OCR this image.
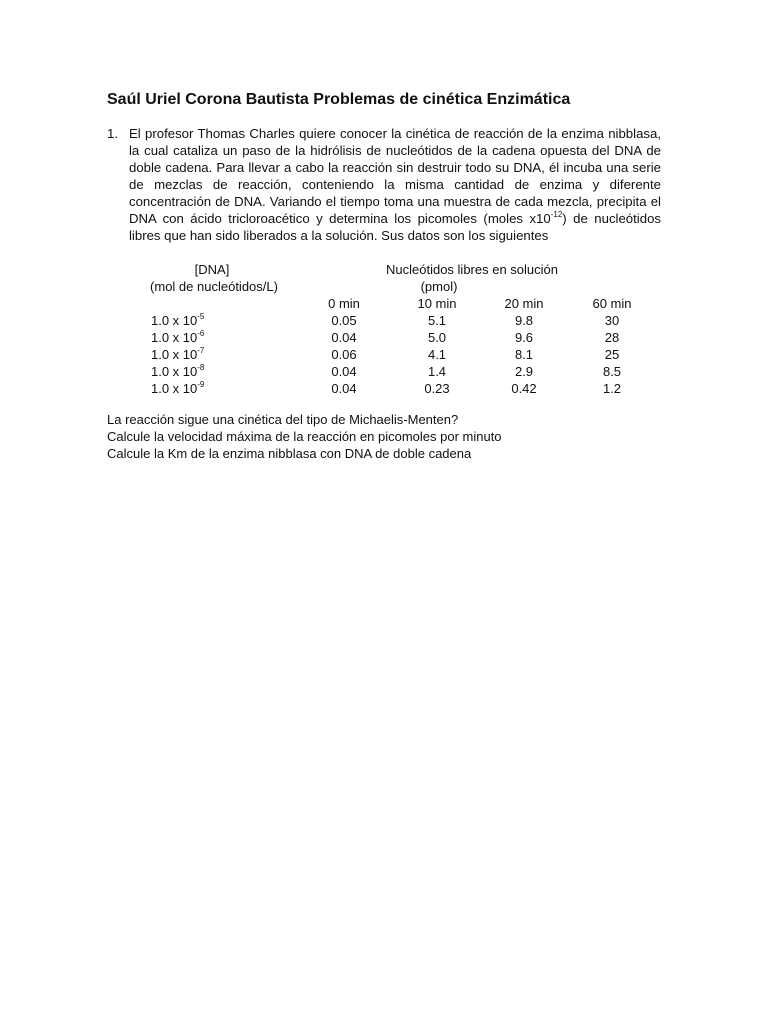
Saúl Uriel Corona Bautista Problemas de cinética Enzimática
1. El profesor Thomas Charles quiere conocer la cinética de reacción de la enzima nibblasa, la cual cataliza un paso de la hidrólisis de nucleótidos de la cadena opuesta del DNA de doble cadena. Para llevar a cabo la reacción sin destruir todo su DNA, él incuba una serie de mezclas de reacción, conteniendo la misma cantidad de enzima y diferente concentración de DNA. Variando el tiempo toma una muestra de cada mezcla, precipita el DNA con ácido tricloroacético y determina los picomoles (moles $x10^{-12}$) de nucleótidos libres que han sido liberados a la solución. Sus datos son los siguientes

[DNA]
(mol de nucleótidos/L)
Nucleótidos libres en solución
(pmol)
0 min	10 min	20 min	60 min
1.0 x $10^{-5}$	0.05	5.1	9.8	30
1.0 x $10^{-6}$	0.04	5.0	9.6	28
1.0 x $10^{-7}$	0.06	4.1	8.1	25
1.0 x $10^{-8}$	0.04	1.4	2.9	8.5
1.0 x $10^{-9}$	0.04	0.23	0.42	1.2
La reacción sigue una cinética del tipo de Michaelis-Menten?
Calcule la velocidad máxima de la reacción en picomoles por minuto
Calcule la Km de la enzima nibblasa con DNA de doble cadena
